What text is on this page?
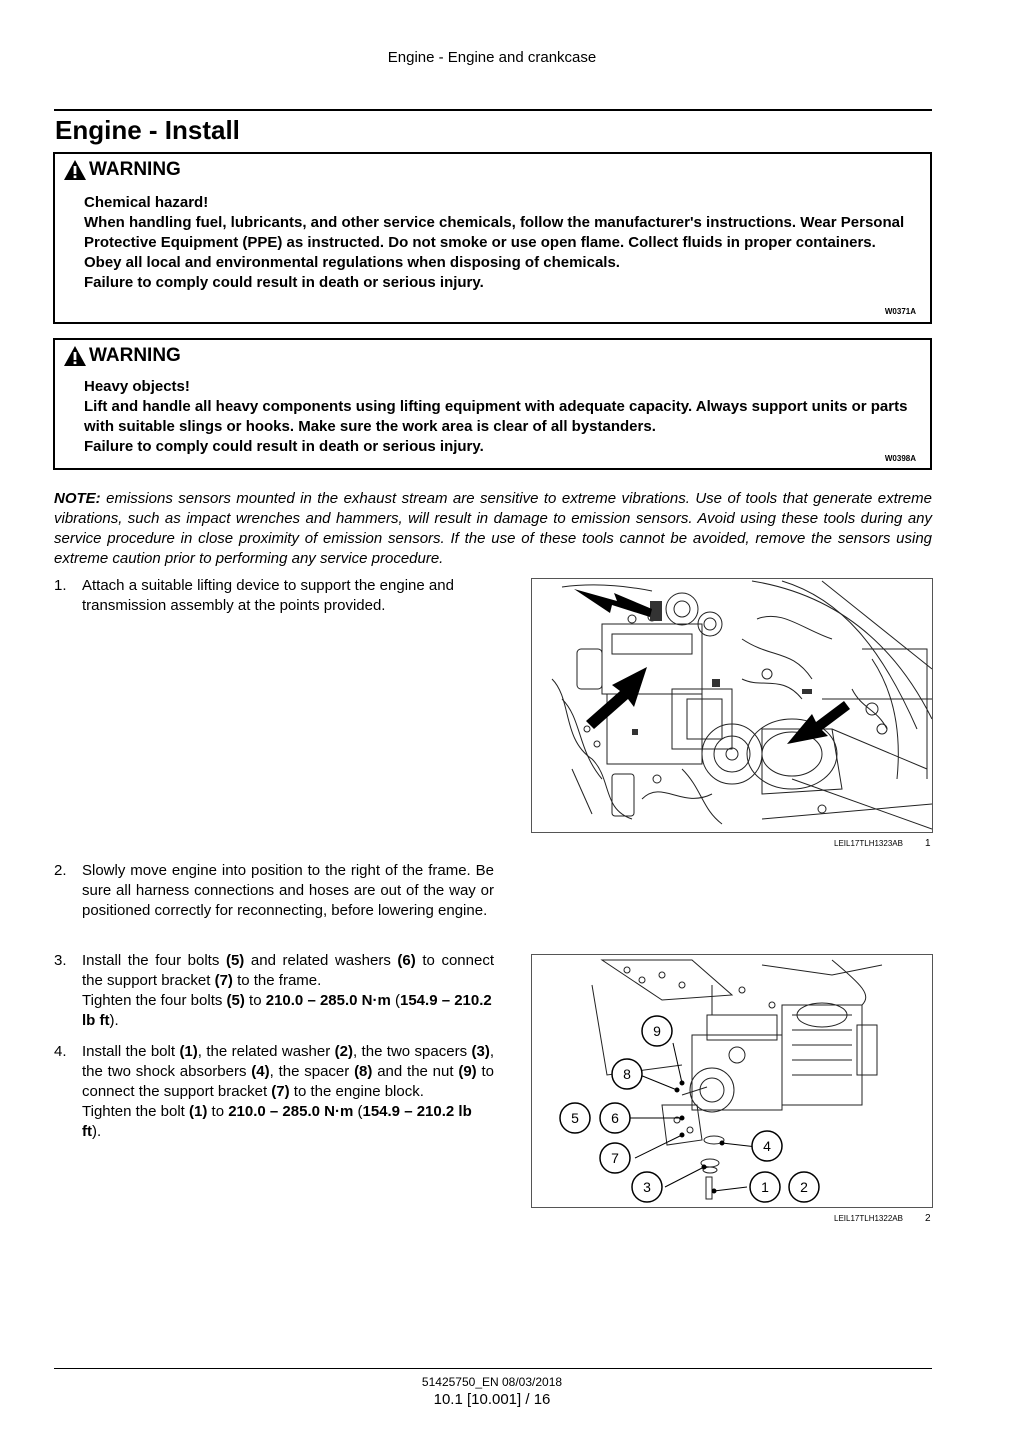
Engine - Engine and crankcase
Engine - Install
WARNING

Chemical hazard!

When handling fuel, lubricants, and other service chemicals, follow the manufacturer's instructions. Wear Personal Protective Equipment (PPE) as instructed. Do not smoke or use open flame. Collect fluids in proper containers. Obey all local and environmental regulations when disposing of chemicals.

Failure to comply could result in death or serious injury.

W0371A
WARNING

Heavy objects!

Lift and handle all heavy components using lifting equipment with adequate capacity. Always support units or parts with suitable slings or hooks. Make sure the work area is clear of all bystanders.

Failure to comply could result in death or serious injury.

W0398A
NOTE: emissions sensors mounted in the exhaust stream are sensitive to extreme vibrations. Use of tools that generate extreme vibrations, such as impact wrenches and hammers, will result in damage to emission sensors. Avoid using these tools during any service procedure in close proximity of emission sensors. If the use of these tools cannot be avoided, remove the sensors using extreme caution prior to performing any service procedure.
1. Attach a suitable lifting device to support the engine and transmission assembly at the points provided.
LEIL17TLH1323AB 1
2. Slowly move engine into position to the right of the frame. Be sure all harness connections and hoses are out of the way or positioned correctly for reconnecting, before lowering engine.
3. Install the four bolts (5) and related washers (6) to connect the support bracket (7) to the frame.

Tighten the four bolts (5) to 210.0 – 285.0 N·m (154.9 – 210.2 lb ft).

4. Install the bolt (1), the related washer (2), the two spacers (3), the two shock absorbers (4), the spacer (8) and the nut (9) to connect the support bracket (7) to the engine block.

Tighten the bolt (1) to 210.0 – 285.0 N·m (154.9 – 210.2 lb ft).

9
8
5 6
7
4
3	1 2
LEIL17TLH1322AB 2
51425750_EN 08/03/2018
10.1 [10.001] / 16
